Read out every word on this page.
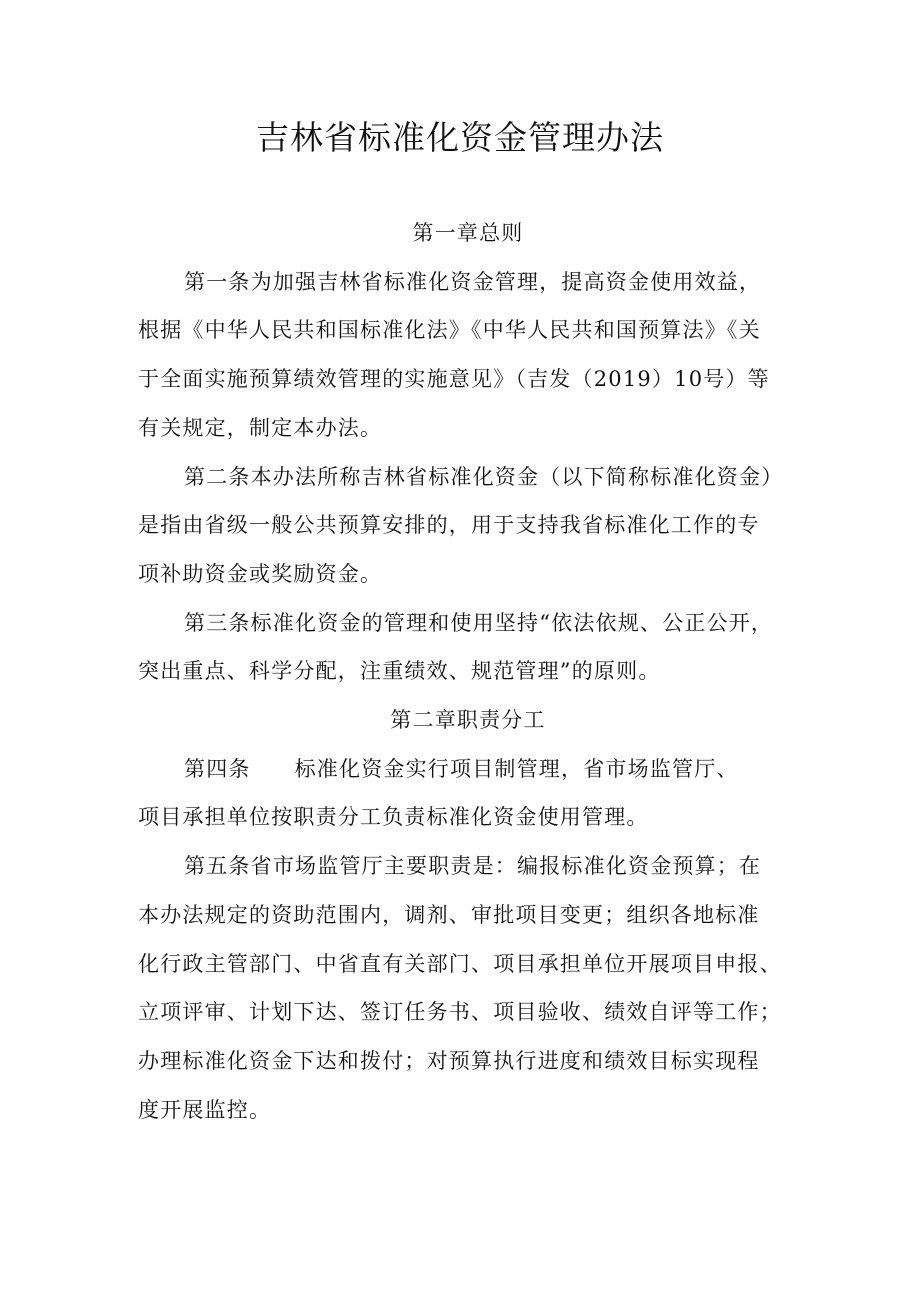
吉林省标准化资金管理办法
第一章总则
第一条为加强吉林省标准化资金管理，提高资金使用效益，
根据《中华人民共和国标准化法》《中华人民共和国预算法》《关
于全面实施预算绩效管理的实施意见》（吉发（2019）10号）等
有关规定，制定本办法。
第二条本办法所称吉林省标准化资金（以下简称标准化资金）
是指由省级一般公共预算安排的，用于支持我省标准化工作的专
项补助资金或奖励资金。
第三条标准化资金的管理和使用坚持“依法依规、公正公开，
突出重点、科学分配，注重绩效、规范管理”的原则。
第二章职责分工
第四条 标准化资金实行项目制管理，省市场监管厅、
项目承担单位按职责分工负责标准化资金使用管理。
第五条省市场监管厅主要职责是：编报标准化资金预算；在
本办法规定的资助范围内，调剂、审批项目变更；组织各地标准
化行政主管部门、中省直有关部门、项目承担单位开展项目申报、
立项评审、计划下达、签订任务书、项目验收、绩效自评等工作；
办理标准化资金下达和拨付；对预算执行进度和绩效目标实现程
度开展监控。
